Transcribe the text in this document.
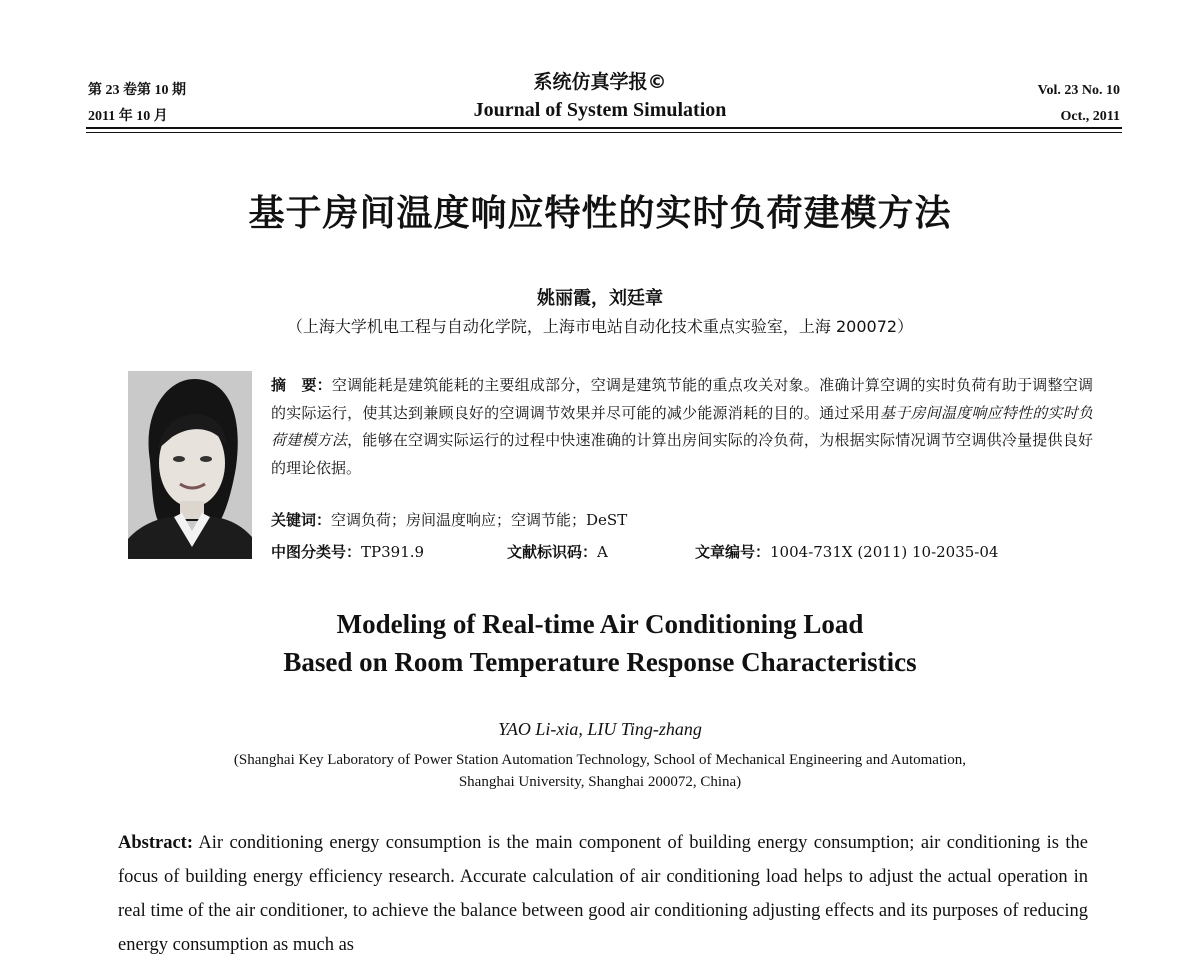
第 23 卷第 10 期
2011 年 10 月
系统仿真学报©
Journal of System Simulation
Vol. 23 No. 10
Oct., 2011
基于房间温度响应特性的实时负荷建模方法
姚丽霞，刘廷章
（上海大学机电工程与自动化学院，上海市电站自动化技术重点实验室，上海 200072）
摘　要：空调能耗是建筑能耗的主要组成部分，空调是建筑节能的重点攻关对象。准确计算空调的实时负荷有助于调整空调的实际运行，使其达到兼顾良好的空调调节效果并尽可能的减少能源消耗的目的。通过采用基于房间温度响应特性的实时负荷建模方法，能够在空调实际运行的过程中快速准确的计算出房间实际的冷负荷，为根据实际情况调节空调供冷量提供良好的理论依据。
关键词：空调负荷；房间温度响应；空调节能；DeST
中图分类号：TP391.9	文献标识码：A	文章编号：1004-731X (2011) 10-2035-04
Modeling of Real-time Air Conditioning Load
Based on Room Temperature Response Characteristics
YAO Li-xia, LIU Ting-zhang
(Shanghai Key Laboratory of Power Station Automation Technology, School of Mechanical Engineering and Automation,
Shanghai University, Shanghai 200072, China)
Abstract: Air conditioning energy consumption is the main component of building energy consumption; air conditioning is the focus of building energy efficiency research. Accurate calculation of air conditioning load helps to adjust the actual operation in real time of the air conditioner, to achieve the balance between good air conditioning adjusting effects and its purposes of reducing energy consumption as much as
